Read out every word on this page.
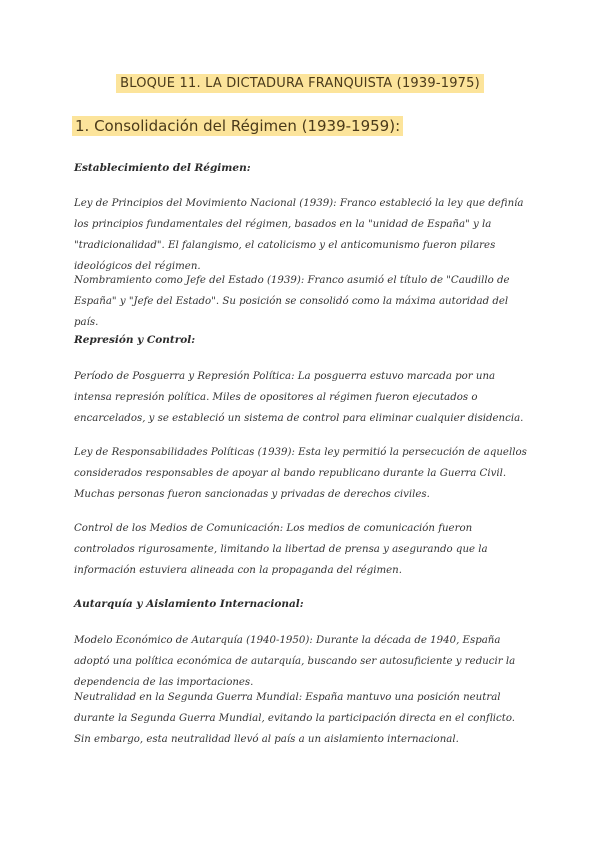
BLOQUE 11. LA DICTADURA FRANQUISTA (1939-1975)
1. Consolidación del Régimen (1939-1959):
Establecimiento del Régimen:
Ley de Principios del Movimiento Nacional (1939): Franco estableció la ley que definía los principios fundamentales del régimen, basados en la "unidad de España" y la "tradicionalidad". El falangismo, el catolicismo y el anticomunismo fueron pilares ideológicos del régimen.
Nombramiento como Jefe del Estado (1939): Franco asumió el título de "Caudillo de España" y "Jefe del Estado". Su posición se consolidó como la máxima autoridad del país.
Represión y Control:
Período de Posguerra y Represión Política: La posguerra estuvo marcada por una intensa represión política. Miles de opositores al régimen fueron ejecutados o encarcelados, y se estableció un sistema de control para eliminar cualquier disidencia.
Ley de Responsabilidades Políticas (1939): Esta ley permitió la persecución de aquellos considerados responsables de apoyar al bando republicano durante la Guerra Civil. Muchas personas fueron sancionadas y privadas de derechos civiles.
Control de los Medios de Comunicación: Los medios de comunicación fueron controlados rigurosamente, limitando la libertad de prensa y asegurando que la información estuviera alineada con la propaganda del régimen.
Autarquía y Aislamiento Internacional:
Modelo Económico de Autarquía (1940-1950): Durante la década de 1940, España adoptó una política económica de autarquía, buscando ser autosuficiente y reducir la dependencia de las importaciones.
Neutralidad en la Segunda Guerra Mundial: España mantuvo una posición neutral durante la Segunda Guerra Mundial, evitando la participación directa en el conflicto. Sin embargo, esta neutralidad llevó al país a un aislamiento internacional.
